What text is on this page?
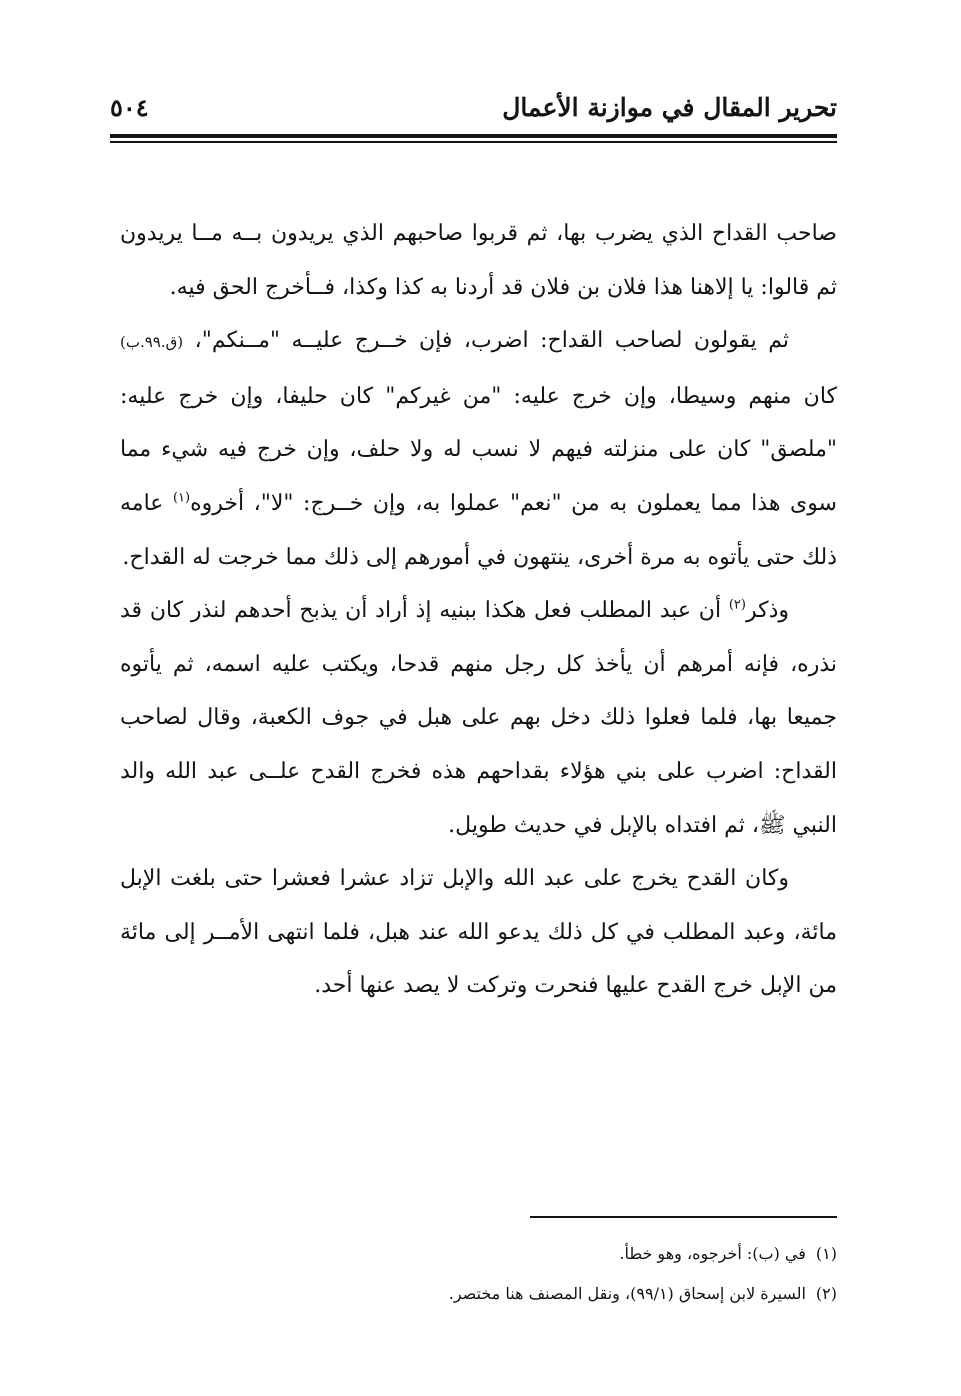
تحرير المقال في موازنة الأعمال
٥٠٤

صاحب القداح الذي يضرب بها، ثم قربوا صاحبهم الذي يريدون بــه مــا يريدون ثم قالوا: يا إلاهنا هذا فلان بن فلان قد أردنا به كذا وكذا، فــأخرج الحق فيه.

ثم يقولون لصاحب القداح: اضرب، فإن خــرج عليــه "مــنكم"، (ق.٩٩.ب) كان منهم وسيطا، وإن خرج عليه: "من غيركم" كان حليفا، وإن خرج عليه: "ملصق" كان على منزلته فيهم لا نسب له ولا حلف، وإن خرج فيه شيء مما سوى هذا مما يعملون به من "نعم" عملوا به، وإن خــرج: "لا"، أخروه$^{(١)}$ عامه ذلك حتى يأتوه به مرة أخرى، ينتهون في أمورهم إلى ذلك مما خرجت له القداح.

وذكر$^{(٢)}$ أن عبد المطلب فعل هكذا ببنيه إذ أراد أن يذبح أحدهم لنذر كان قد نذره، فإنه أمرهم أن يأخذ كل رجل منهم قدحا، ويكتب عليه اسمه، ثم يأتوه جميعا بها، فلما فعلوا ذلك دخل بهم على هبل في جوف الكعبة، وقال لصاحب القداح: اضرب على بني هؤلاء بقداحهم هذه فخرج القدح علــى عبد الله والد النبي ﷺ، ثم افتداه بالإبل في حديث طويل.

وكان القدح يخرج على عبد الله والإبل تزاد عشرا فعشرا حتى بلغت الإبل مائة، وعبد المطلب في كل ذلك يدعو الله عند هبل، فلما انتهى الأمــر إلى مائة من الإبل خرج القدح عليها فنحرت وتركت لا يصد عنها أحد.

(١)في (ب): أخرجوه، وهو خطأ.

(٢)السيرة لابن إسحاق (٩٩/١)، ونقل المصنف هنا مختصر.
